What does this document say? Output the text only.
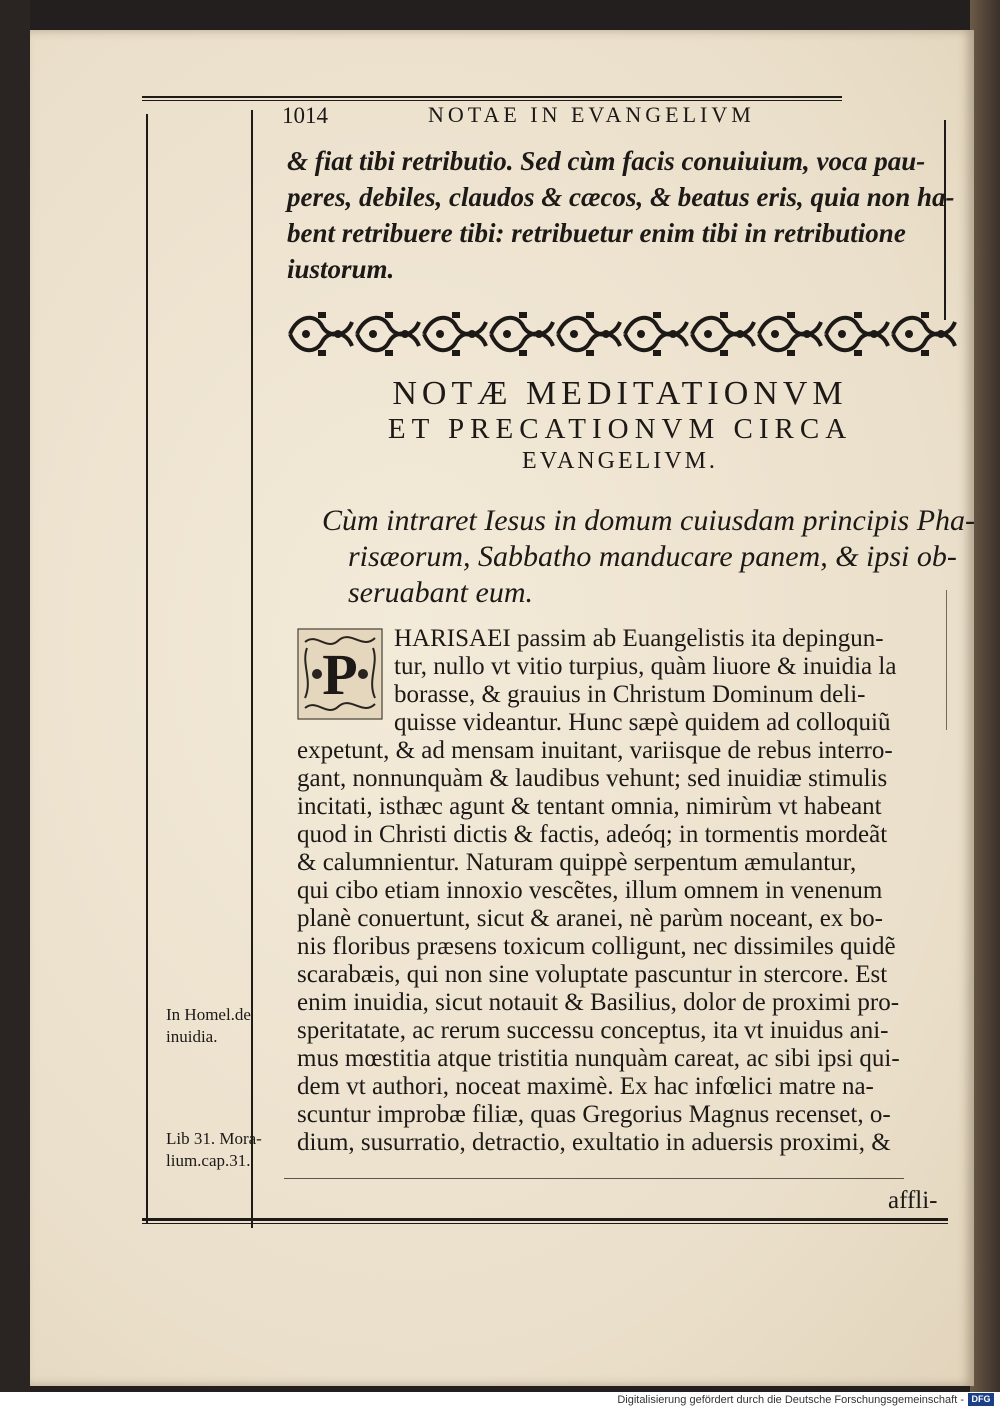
1014	NOTAE IN EVANGELIVM
& fiat tibi retributio. Sed cùm facis conuiuium, voca pau-
peres, debiles, claudos & cæcos, & beatus eris, quia non ha-
bent retribuere tibi: retribuetur enim tibi in retributione
iustorum.
NOTÆ MEDITATIONVM
ET PRECATIONVM CIRCA
EVANGELIVM.
Cùm intraret Iesus in domum cuiusdam principis Pha-
risæorum, Sabbatho manducare panem, & ipsi ob-
seruabant eum.
P
HARISAEI passim ab Euangelistis ita depingun-
tur, nullo vt vitio turpius, quàm liuore & inuidia la
borasse, & grauius in Christum Dominum deli-
quisse videantur. Hunc sæpè quidem ad colloquiũ
expetunt, & ad mensam inuitant, variisque de rebus interro-
gant, nonnunquàm & laudibus vehunt; sed inuidiæ stimulis
incitati, isthæc agunt & tentant omnia, nimirùm vt habeant
quod in Christi dictis & factis, adeóq; in tormentis mordeãt
& calumnientur. Naturam quippè serpentum æmulantur,
qui cibo etiam innoxio vescẽtes, illum omnem in venenum
planè conuertunt, sicut & aranei, nè parùm noceant, ex bo-
nis floribus præsens toxicum colligunt, nec dissimiles quidẽ
scarabæis, qui non sine voluptate pascuntur in stercore. Est
enim inuidia, sicut notauit & Basilius, dolor de proximi pro-
speritatate, ac rerum successu conceptus, ita vt inuidus ani-
mus mœstitia atque tristitia nunquàm careat, ac sibi ipsi qui-
dem vt authori, noceat maximè. Ex hac infœlici matre na-
scuntur improbæ filiæ, quas Gregorius Magnus recenset, o-
dium, susurratio, detractio, exultatio in aduersis proximi, &
affli-
In Homel.de
inuidia.
Lib 31. Mora-
lium.cap.31.
Digitalisierung gefördert durch die Deutsche Forschungsgemeinschaft - DFG
